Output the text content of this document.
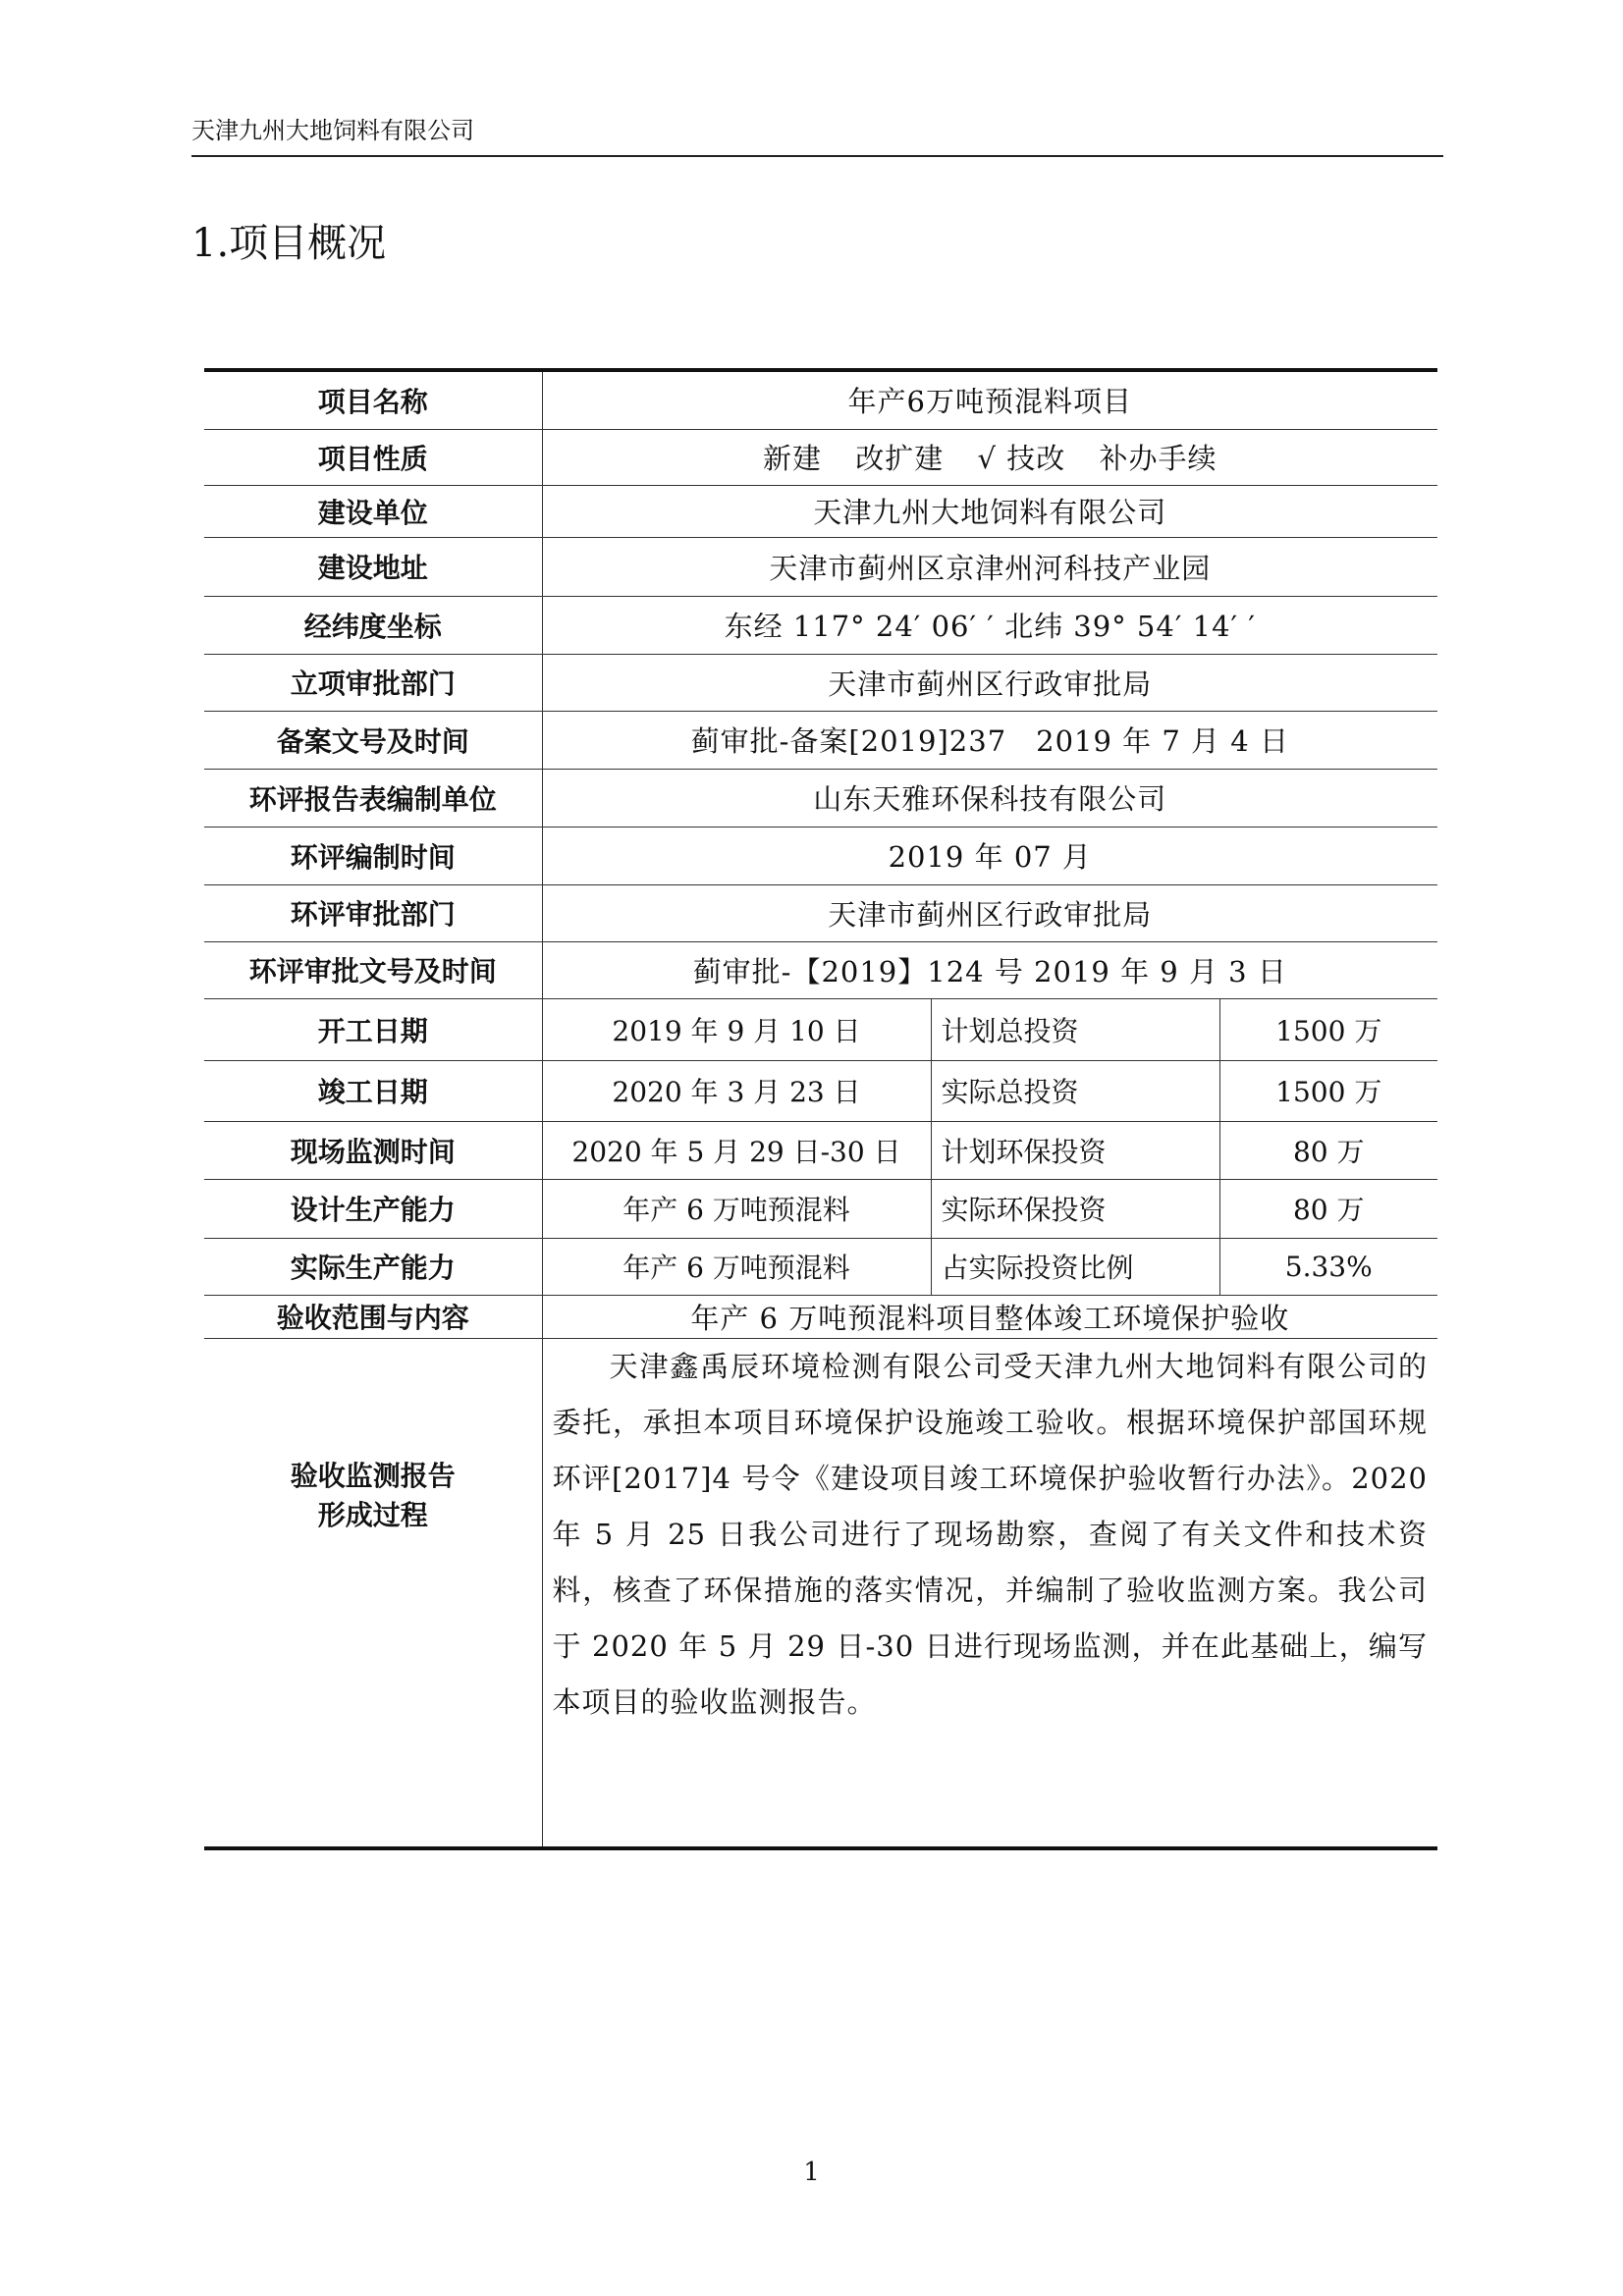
天津九州大地饲料有限公司
1.项目概况
项目名称	年产6万吨预混料项目		
项目性质	新建 改扩建 √ 技改 补办手续		
建设单位	天津九州大地饲料有限公司		
建设地址	天津市蓟州区京津州河科技产业园		
经纬度坐标	东经 117° 24′ 06′ ′ 北纬 39° 54′ 14′ ′		
立项审批部门	天津市蓟州区行政审批局		
备案文号及时间	蓟审批-备案[2019]237　2019 年 7 月 4 日		
环评报告表编制单位	山东天雅环保科技有限公司		
环评编制时间	2019 年 07 月		
环评审批部门	天津市蓟州区行政审批局		
环评审批文号及时间	蓟审批-【2019】124 号 2019 年 9 月 3 日		
开工日期	2019 年 9 月 10 日	计划总投资	1500 万
竣工日期	2020 年 3 月 23 日	实际总投资	1500 万
现场监测时间	2020 年 5 月 29 日-30 日	计划环保投资	80 万
设计生产能力	年产 6 万吨预混料	实际环保投资	80 万
实际生产能力	年产 6 万吨预混料	占实际投资比例	5.33%
验收范围与内容	年产 6 万吨预混料项目整体竣工环境保护验收		

验收监测报告
形成过程	天津鑫禹辰环境检测有限公司受天津九州大地饲料有限公司的委托，承担本项目环境保护设施竣工验收。根据环境保护部国环规环评[2017]4 号令《建设项目竣工环境保护验收暂行办法》。2020 年 5 月 25 日我公司进行了现场勘察，查阅了有关文件和技术资料，核查了环保措施的落实情况，并编制了验收监测方案。我公司于 2020 年 5 月 29 日-30 日进行现场监测，并在此基础上，编写本项目的验收监测报告。		

1
